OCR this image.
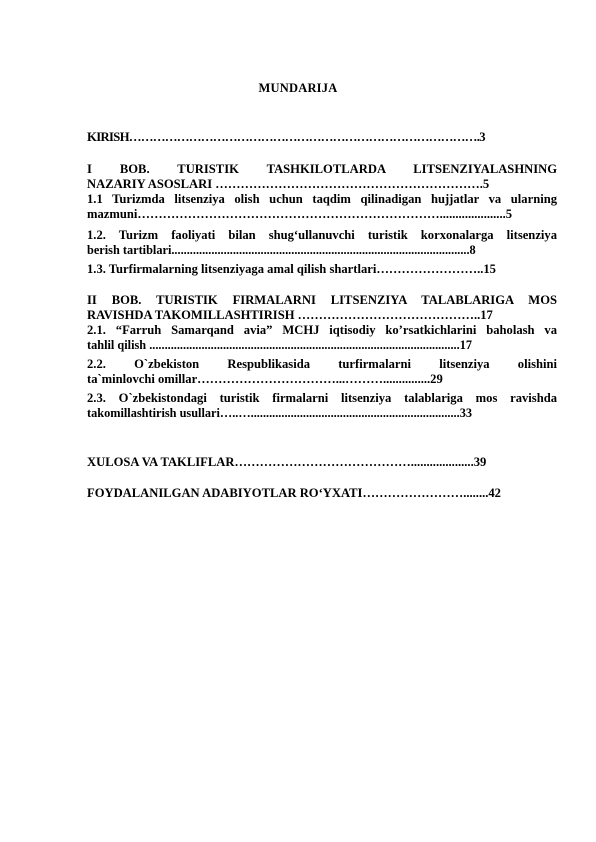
MUNDARIJA
KIRISH…………………………………………………………………………….3
I BOB. TURISTIK TASHKILOTLARDA LITSENZIYALASHNING
NAZARIY ASOSLARI ……………………………………………………….5
1.1 Turizmda litsenziya olish uchun taqdim qilinadigan hujjatlar va ularning
mazmuni……………………………………………………………….....................5
1.2. Turizm faoliyati bilan shug‘ullanuvchi turistik korxonalarga litsenziya
berish tartiblari.................................................................................................8
1.3. Turfirmalarning litsenziyaga amal qilish shartlari……………………..15
II BOB. TURISTIK FIRMALARNI LITSENZIYA TALABLARIGA MOS
RAVISHDA TAKOMILLASHTIRISH ……………………………………..17
2.1. “Farruh Samarqand avia” MCHJ iqtisodiy ko’rsatkichlarini baholash va
tahlil qilish .....................................................................................................17
2.2. O`zbekiston Respublikasida turfirmalarni litsenziya olishini
ta`minlovchi omillar……………………………...………...............29
2.3. O`zbekistondagi turistik firmalarni litsenziya talablariga mos ravishda
takomillashtirish usullari…..…....................................................................33
XULOSA VA TAKLIFLAR……………………………………....................39
FOYDALANILGAN ADABIYOTLAR RO‘YXATI……………………........42
